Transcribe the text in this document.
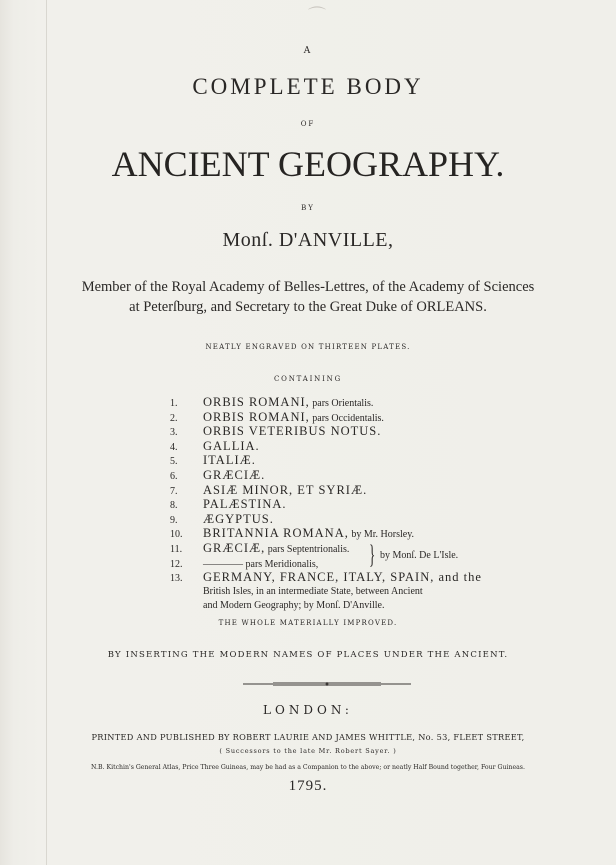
⌒
A
COMPLETE BODY
OF
ANCIENT GEOGRAPHY.
BY
Monſ. D'ANVILLE,
Member of the Royal Academy of Belles-Lettres, of the Academy of Sciences
at Peterſburg, and Secretary to the Great Duke of ORLEANS.
NEATLY ENGRAVED ON THIRTEEN PLATES.
CONTAINING
1. ORBIS ROMANI, pars Orientalis.
2. ORBIS ROMANI, pars Occidentalis.
3. ORBIS VETERIBUS NOTUS.
4. GALLIA.
5. ITALIÆ.
6. GRÆCIÆ.
7. ASIÆ MINOR, ET SYRIÆ.
8. PALÆSTINA.
9. ÆGYPTUS.
10. BRITANNIA ROMANA, by Mr. Horsley.
11. GRÆCIÆ, pars Septentrionalis.
12. ———— pars Meridionalis,	} by Monſ. De L'Isle.
13. GERMANY, FRANCE, ITALY, SPAIN, and the
British Isles, in an intermediate State, between Ancient
and Modern Geography; by Monſ. D'Anville.
THE WHOLE MATERIALLY IMPROVED.
BY INSERTING THE MODERN NAMES OF PLACES UNDER THE ANCIENT.
LONDON:
PRINTED AND PUBLISHED BY ROBERT LAURIE AND JAMES WHITTLE, No. 53, FLEET STREET,
( Successors to the late Mr. Robert Sayer. )
N.B. Kitchin's General Atlas, Price Three Guineas, may be had as a Companion to the above; or neatly Half Bound together, Four Guineas.
1795.
